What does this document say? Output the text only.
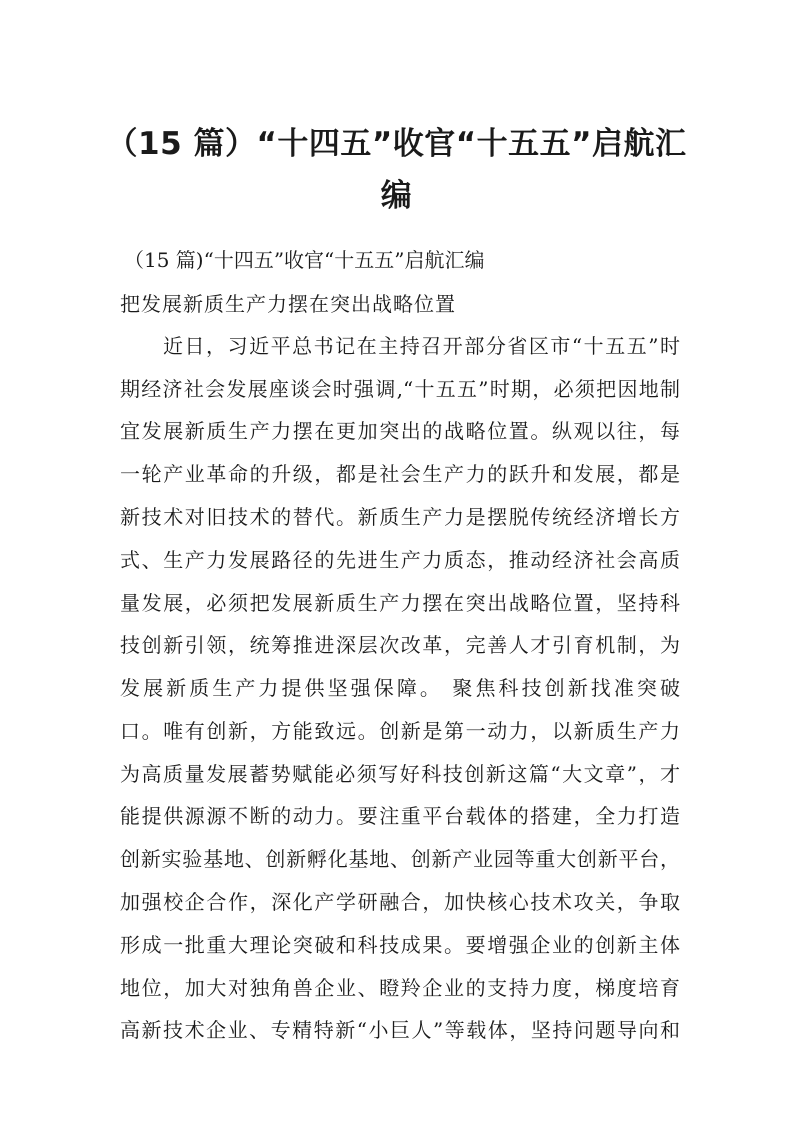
（15 篇）“十四五”收官“十五五”启航汇编
（15 篇)“十四五”收官“十五五”启航汇编
把发展新质生产力摆在突出战略位置
近日，习近平总书记在主持召开部分省区市“十五五”时
期经济社会发展座谈会时强调,“十五五”时期，必须把因地制
宜发展新质生产力摆在更加突出的战略位置。纵观以往，每
一轮产业革命的升级，都是社会生产力的跃升和发展，都是
新技术对旧技术的替代。新质生产力是摆脱传统经济增长方
式、生产力发展路径的先进生产力质态，推动经济社会高质
量发展，必须把发展新质生产力摆在突出战略位置，坚持科
技创新引领，统筹推进深层次改革，完善人才引育机制，为
发展新质生产力提供坚强保障。 聚焦科技创新找准突破
口。唯有创新，方能致远。创新是第一动力，以新质生产力
为高质量发展蓄势赋能必须写好科技创新这篇“大文章”，才
能提供源源不断的动力。要注重平台载体的搭建，全力打造
创新实验基地、创新孵化基地、创新产业园等重大创新平台，
加强校企合作，深化产学研融合，加快核心技术攻关，争取
形成一批重大理论突破和科技成果。要增强企业的创新主体
地位，加大对独角兽企业、瞪羚企业的支持力度，梯度培育
高新技术企业、专精特新“小巨人”等载体，坚持问题导向和
